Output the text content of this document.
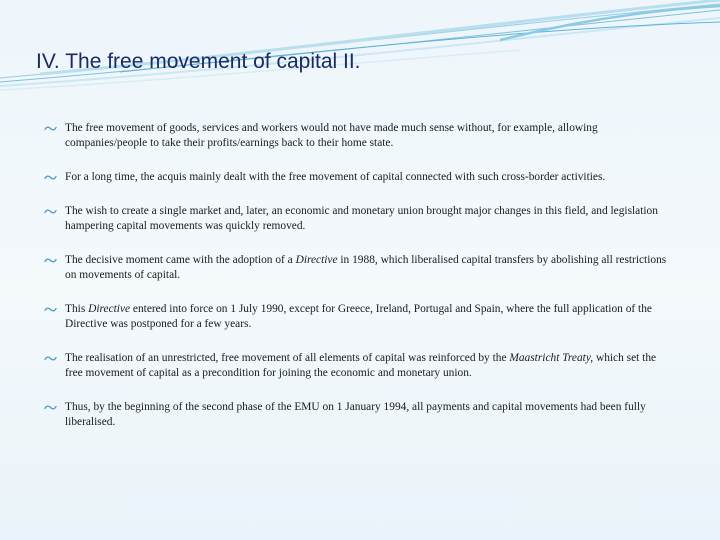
IV. The free movement of capital II.
The free movement of goods, services and workers would not have made much sense without, for example, allowing companies/people to take their profits/earnings back to their home state.
For a long time, the acquis mainly dealt with the free movement of capital connected with such cross-border activities.
The wish to create a single market and, later, an economic and monetary union brought major changes in this field, and legislation hampering capital movements was quickly removed.
The decisive moment came with the adoption of a Directive in 1988, which liberalised capital transfers by abolishing all restrictions on movements of capital.
This Directive entered into force on 1 July 1990, except for Greece, Ireland, Portugal and Spain, where the full application of the Directive was postponed for a few years.
The realisation of an unrestricted, free movement of all elements of capital was reinforced by the Maastricht Treaty, which set the free movement of capital as a precondition for joining the economic and monetary union.
Thus, by the beginning of the second phase of the EMU on 1 January 1994, all payments and capital movements had been fully liberalised.
